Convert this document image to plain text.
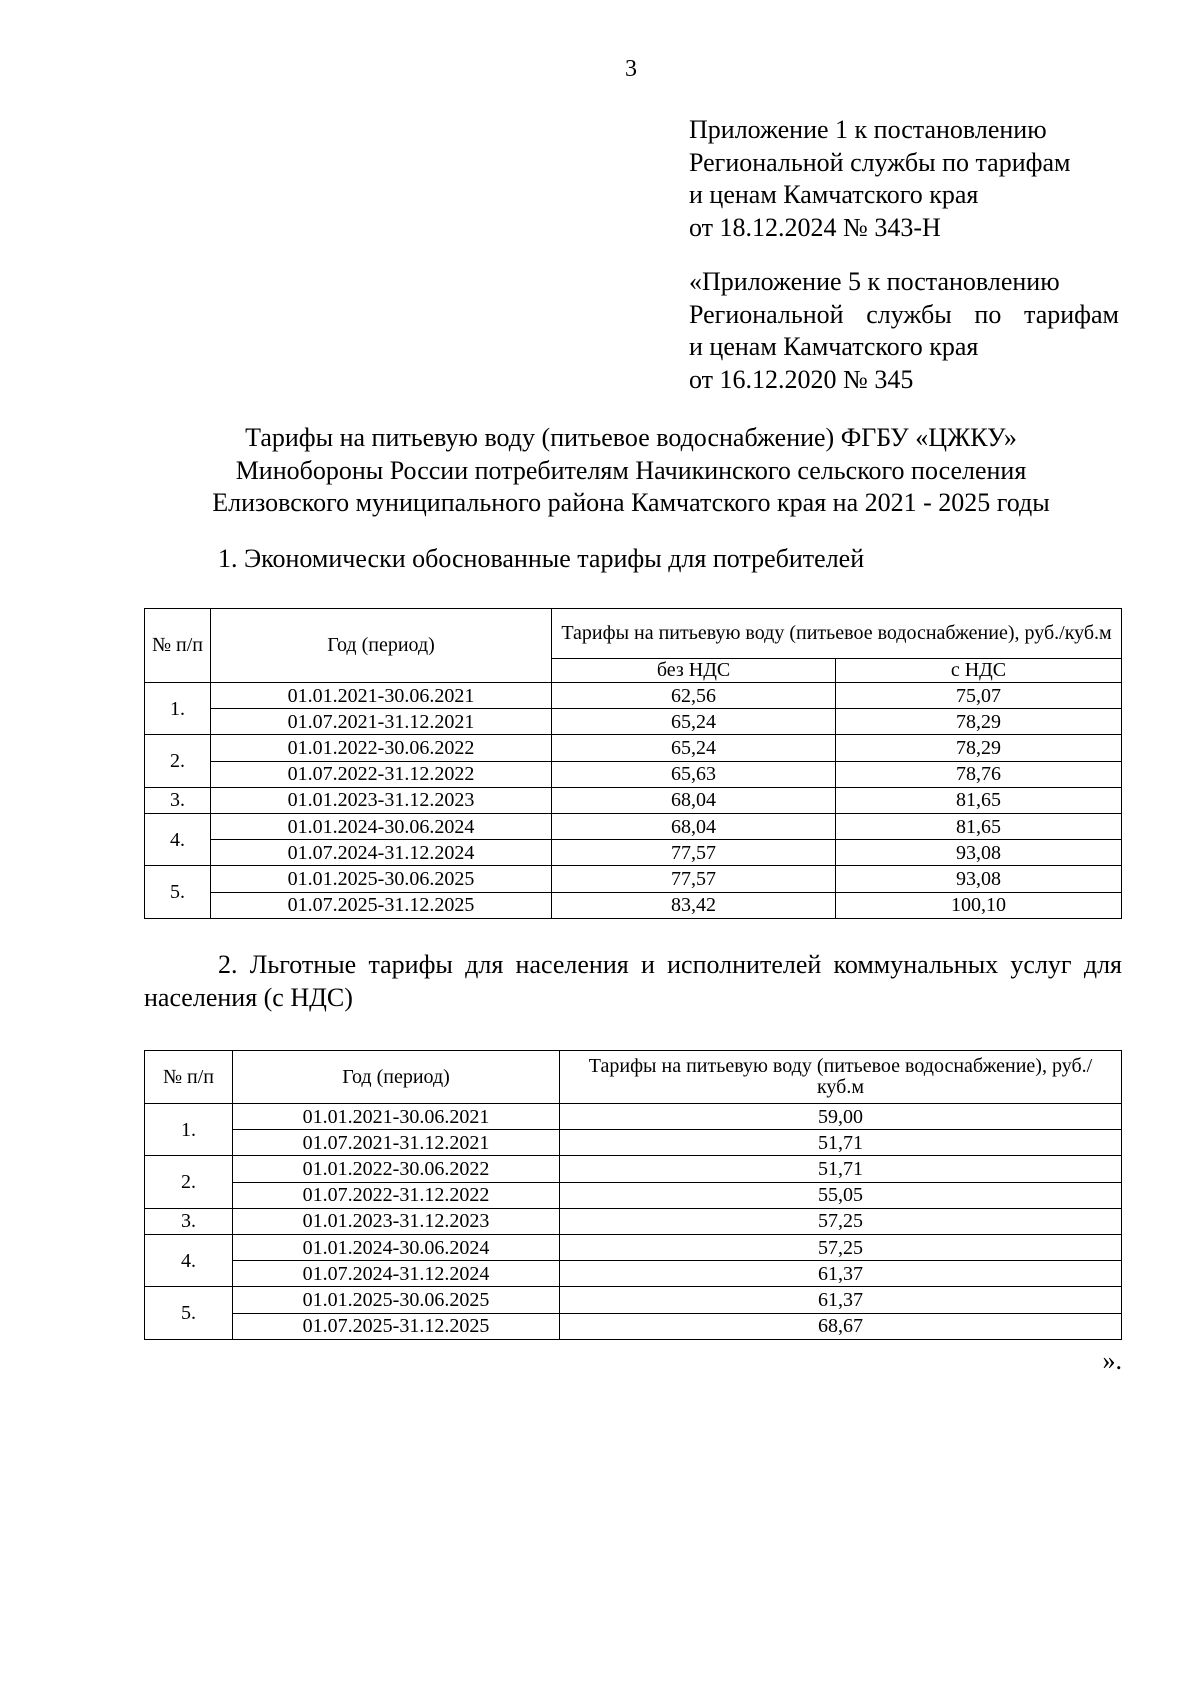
3
Приложение 1 к постановлению
Региональной службы по тарифам
и ценам Камчатского края
от 18.12.2024 № 343-Н
«Приложение 5 к постановлению
Региональной службы по тарифам
и ценам Камчатского края
от 16.12.2020 № 345
Тарифы на питьевую воду (питьевое водоснабжение) ФГБУ «ЦЖКУ»
Минобороны России потребителям Начикинского сельского поселения
Елизовского муниципального района Камчатского края на 2021 - 2025 годы
1. Экономически обоснованные тарифы для потребителей
№ п/п	Год (период)	Тарифы на питьевую воду (питьевое водоснабжение), руб./куб.м	
		без НДС	с НДС
1.	01.01.2021-30.06.2021	62,56	75,07
	01.07.2021-31.12.2021	65,24	78,29
2.	01.01.2022-30.06.2022	65,24	78,29
	01.07.2022-31.12.2022	65,63	78,76
3.	01.01.2023-31.12.2023	68,04	81,65
4.	01.01.2024-30.06.2024	68,04	81,65
	01.07.2024-31.12.2024	77,57	93,08
5.	01.01.2025-30.06.2025	77,57	93,08
	01.07.2025-31.12.2025	83,42	100,10
2. Льготные тарифы для населения и исполнителей коммунальных услуг для населения (с НДС)
№ п/п	Год (период)	Тарифы на питьевую воду (питьевое водоснабжение), руб./куб.м
1.	01.01.2021-30.06.2021	59,00
	01.07.2021-31.12.2021	51,71
2.	01.01.2022-30.06.2022	51,71
	01.07.2022-31.12.2022	55,05
3.	01.01.2023-31.12.2023	57,25
4.	01.01.2024-30.06.2024	57,25
	01.07.2024-31.12.2024	61,37
5.	01.01.2025-30.06.2025	61,37
	01.07.2025-31.12.2025	68,67
».
